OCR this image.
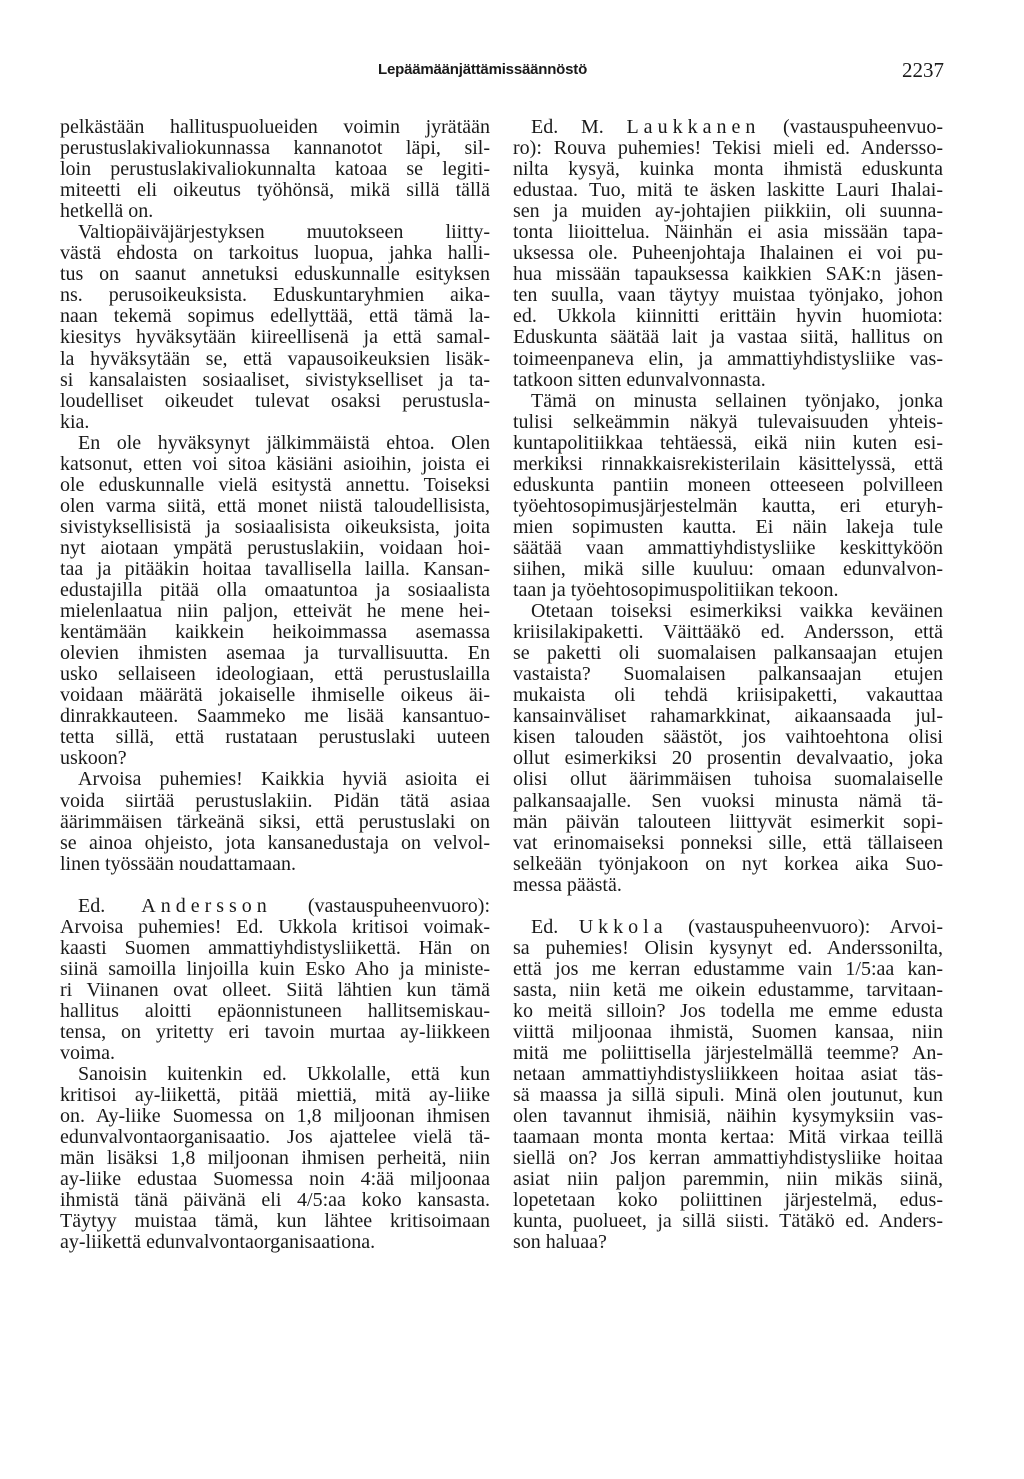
Lepäämäänjättämissäännöstö	2237
pelkästään hallituspuolueiden voimin jyrätään
perustuslakivaliokunnassa kannanotot läpi, sil-
loin perustuslakivaliokunnalta katoaa se legiti-
miteetti eli oikeutus työhönsä, mikä sillä tällä
hetkellä on.
Valtiopäiväjärjestyksen muutokseen liitty-
västä ehdosta on tarkoitus luopua, jahka halli-
tus on saanut annetuksi eduskunnalle esityksen
ns. perusoikeuksista. Eduskuntaryhmien aika-
naan tekemä sopimus edellyttää, että tämä la-
kiesitys hyväksytään kiireellisenä ja että samal-
la hyväksytään se, että vapausoikeuksien lisäk-
si kansalaisten sosiaaliset, sivistykselliset ja ta-
loudelliset oikeudet tulevat osaksi perustusla-
kia.
En ole hyväksynyt jälkimmäistä ehtoa. Olen
katsonut, etten voi sitoa käsiäni asioihin, joista ei
ole eduskunnalle vielä esitystä annettu. Toiseksi
olen varma siitä, että monet niistä taloudellisista,
sivistyksellisistä ja sosiaalisista oikeuksista, joita
nyt aiotaan ympätä perustuslakiin, voidaan hoi-
taa ja pitääkin hoitaa tavallisella lailla. Kansan-
edustajilla pitää olla omaatuntoa ja sosiaalista
mielenlaatua niin paljon, etteivät he mene hei-
kentämään kaikkein heikoimmassa asemassa
olevien ihmisten asemaa ja turvallisuutta. En
usko sellaiseen ideologiaan, että perustuslailla
voidaan määrätä jokaiselle ihmiselle oikeus äi-
dinrakkauteen. Saammeko me lisää kansantuo-
tetta sillä, että rustataan perustuslaki uuteen
uskoon?
Arvoisa puhemies! Kaikkia hyviä asioita ei
voida siirtää perustuslakiin. Pidän tätä asiaa
äärimmäisen tärkeänä siksi, että perustuslaki on
se ainoa ohjeisto, jota kansanedustaja on velvol-
linen työssään noudattamaan.
Ed. Andersson (vastauspuheenvuoro):
Arvoisa puhemies! Ed. Ukkola kritisoi voimak-
kaasti Suomen ammattiyhdistysliikettä. Hän on
siinä samoilla linjoilla kuin Esko Aho ja ministe-
ri Viinanen ovat olleet. Siitä lähtien kun tämä
hallitus aloitti epäonnistuneen hallitsemiskau-
tensa, on yritetty eri tavoin murtaa ay-liikkeen
voima.
Sanoisin kuitenkin ed. Ukkolalle, että kun
kritisoi ay-liikettä, pitää miettiä, mitä ay-liike
on. Ay-liike Suomessa on 1,8 miljoonan ihmisen
edunvalvontaorganisaatio. Jos ajattelee vielä tä-
män lisäksi 1,8 miljoonan ihmisen perheitä, niin
ay-liike edustaa Suomessa noin 4:ää miljoonaa
ihmistä tänä päivänä eli 4/5:aa koko kansasta.
Täytyy muistaa tämä, kun lähtee kritisoimaan
ay-liikettä edunvalvontaorganisaationa.
Ed. M. Laukkanen (vastauspuheenvuo-
ro): Rouva puhemies! Tekisi mieli ed. Andersso-
nilta kysyä, kuinka monta ihmistä eduskunta
edustaa. Tuo, mitä te äsken laskitte Lauri Ihalai-
sen ja muiden ay-johtajien piikkiin, oli suunna-
tonta liioittelua. Näinhän ei asia missään tapa-
uksessa ole. Puheenjohtaja Ihalainen ei voi pu-
hua missään tapauksessa kaikkien SAK:n jäsen-
ten suulla, vaan täytyy muistaa työnjako, johon
ed. Ukkola kiinnitti erittäin hyvin huomiota:
Eduskunta säätää lait ja vastaa siitä, hallitus on
toimeenpaneva elin, ja ammattiyhdistysliike vas-
tatkoon sitten edunvalvonnasta.
Tämä on minusta sellainen työnjako, jonka
tulisi selkeämmin näkyä tulevaisuuden yhteis-
kuntapolitiikkaa tehtäessä, eikä niin kuten esi-
merkiksi rinnakkaisrekisterilain käsittelyssä, että
eduskunta pantiin moneen otteeseen polvilleen
työehtosopimusjärjestelmän kautta, eri eturyh-
mien sopimusten kautta. Ei näin lakeja tule
säätää vaan ammattiyhdistysliike keskittyköön
siihen, mikä sille kuuluu: omaan edunvalvon-
taan ja työehtosopimuspolitiikan tekoon.
Otetaan toiseksi esimerkiksi vaikka keväinen
kriisilakipaketti. Väittääkö ed. Andersson, että
se paketti oli suomalaisen palkansaajan etujen
vastaista? Suomalaisen palkansaajan etujen
mukaista oli tehdä kriisipaketti, vakauttaa
kansainväliset rahamarkkinat, aikaansaada jul-
kisen talouden säästöt, jos vaihtoehtona olisi
ollut esimerkiksi 20 prosentin devalvaatio, joka
olisi ollut äärimmäisen tuhoisa suomalaiselle
palkansaajalle. Sen vuoksi minusta nämä tä-
män päivän talouteen liittyvät esimerkit sopi-
vat erinomaiseksi ponneksi sille, että tällaiseen
selkeään työnjakoon on nyt korkea aika Suo-
messa päästä.
Ed. Ukkola (vastauspuheenvuoro): Arvoi-
sa puhemies! Olisin kysynyt ed. Anderssonilta,
että jos me kerran edustamme vain 1/5:aa kan-
sasta, niin ketä me oikein edustamme, tarvitaan-
ko meitä silloin? Jos todella me emme edusta
viittä miljoonaa ihmistä, Suomen kansaa, niin
mitä me poliittisella järjestelmällä teemme? An-
netaan ammattiyhdistysliikkeen hoitaa asiat täs-
sä maassa ja sillä sipuli. Minä olen joutunut, kun
olen tavannut ihmisiä, näihin kysymyksiin vas-
taamaan monta monta kertaa: Mitä virkaa teillä
siellä on? Jos kerran ammattiyhdistysliike hoitaa
asiat niin paljon paremmin, niin mikäs siinä,
lopetetaan koko poliittinen järjestelmä, edus-
kunta, puolueet, ja sillä siisti. Tätäkö ed. Anders-
son haluaa?
